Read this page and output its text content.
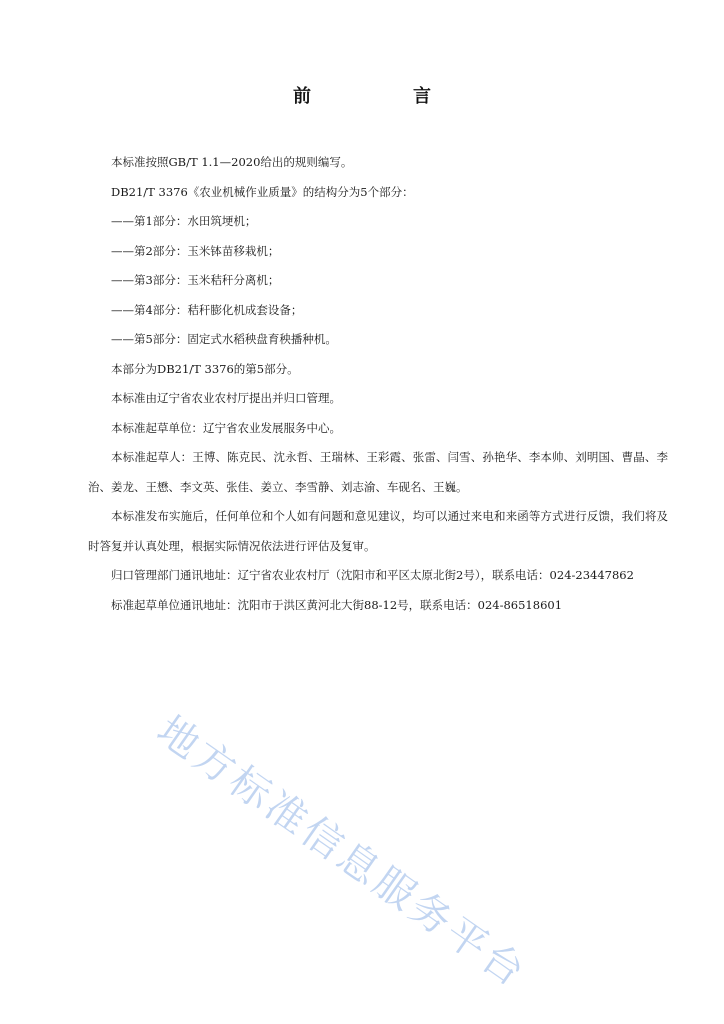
前　言

本标准按照GB/T 1.1—2020给出的规则编写。

DB21/T 3376《农业机械作业质量》的结构分为5个部分：

——第1部分：水田筑埂机；

——第2部分：玉米钵苗移栽机；

——第3部分：玉米秸秆分离机；

——第4部分：秸秆膨化机成套设备；

——第5部分：固定式水稻秧盘育秧播种机。

本部分为DB21/T 3376的第5部分。

本标准由辽宁省农业农村厅提出并归口管理。

本标准起草单位：辽宁省农业发展服务中心。

本标准起草人：王博、陈克民、沈永哲、王瑞林、王彩霞、张雷、闫雪、孙艳华、李本帅、刘明国、曹晶、李治、姜龙、王懋、李文英、张佳、姜立、李雪静、刘志渝、车砚名、王巍。

本标准发布实施后，任何单位和个人如有问题和意见建议，均可以通过来电和来函等方式进行反馈，我们将及时答复并认真处理，根据实际情况依法进行评估及复审。

归口管理部门通讯地址：辽宁省农业农村厅（沈阳市和平区太原北街2号），联系电话：024-23447862

标准起草单位通讯地址：沈阳市于洪区黄河北大街88-12号，联系电话：024-86518601

地方标准信息服务平台
